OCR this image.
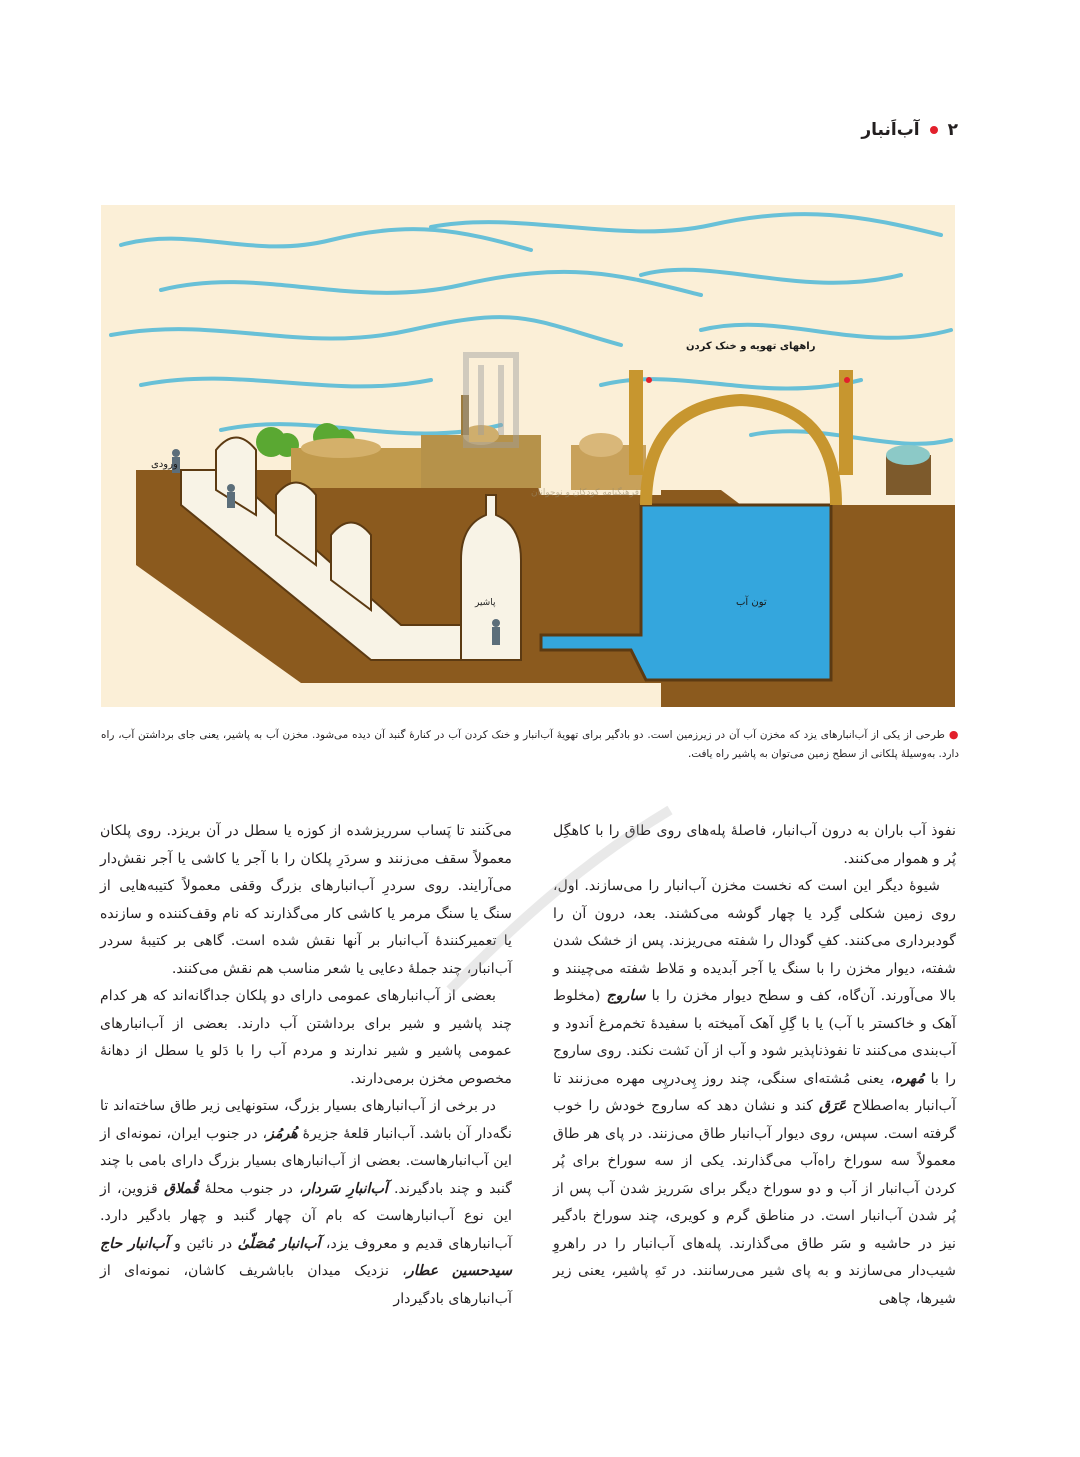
۲
آب‌اَنبار
ورودی
پاشیر	تون آب
راههای تهویه و خنک کردن
فرهنگنامه کودکان و نوجوانان
●طرحی از یکی از آب‌انبارهای یزد که مخزن آب آن در زیرزمین است. دو بادگیر برای تهویهٔ آب‌انبار و خنک کردن آب در کنارهٔ گنبد آن دیده می‌شود. مخزن آب به پاشیر، یعنی جای برداشتن آب، راه دارد. به‌وسیلهٔ پلکانی از سطح زمین می‌توان به پاشیر راه یافت.

نفوذ آب باران به درون آب‌انبار، فاصلهٔ پله‌های روی طاق را با کاهگِل پُر و هموار می‌کنند.

شیوهٔ دیگر این است که نخست مخزن آب‌انبار را می‌سازند. اول، روی زمین شکلی گِرد یا چهار گوشه می‌کشند. بعد، درون آن را گودبرداری می‌کنند. کفِ گودال را شفته می‌ریزند. پس از خشک شدن شفته، دیوار مخزن را با سنگ یا آجر آبدیده و مَلاط شفته می‌چینند و بالا می‌آورند. آن‌گاه، کف و سطح دیوار مخزن را با ساروج (مخلوط آهک و خاکستر با آب) یا با گِلِ آهک آمیخته با سفیدهٔ تخم‌مرغ اَندود و آب‌بندی می‌کنند تا نفوذناپذیر شود و آب از آن نَشت نکند. روی ساروج را با مُهره، یعنی مُشته‌ای سنگی، چند روز پِی‌درپِی مهره می‌زنند تا آب‌انبار به‌اصطلاح عَرَق کند و نشان دهد که ساروج خودش را خوب گرفته است. سپس، روی دیوار آب‌انبار طاق می‌زنند. در پای هر طاق معمولاً سه سوراخ راه‌آب می‌گذارند. یکی از سه سوراخ برای پُر کردن آب‌انبار از آب و دو سوراخ دیگر برای سَرریز شدن آب پس از پُر شدن آب‌انبار است. در مناطق گرم و کویری، چند سوراخ بادگیر نیز در حاشیه و سَر طاق می‌گذارند. پله‌های آب‌انبار را در راهروِ شیب‌دار می‌سازند و به پای شیر می‌رسانند. در تَهِ پاشیر، یعنی زیر شیرها، چاهی

می‌کَنند تا پَساب سرریزشده از کوزه یا سطل در آن بریزد. روی پلکان معمولاً سقف می‌زنند و سردَرِ پلکان را با آجر یا کاشی یا آجر نقش‌دار می‌آرایند. روی سردرِ آب‌انبارهای بزرگ وقفی معمولاً کتیبه‌هایی از سنگ یا سنگ مرمر یا کاشی کار می‌گذارند که نام وقف‌کننده و سازنده یا تعمیرکنندهٔ آب‌انبار بر آنها نقش شده است. گاهی بر کتیبهٔ سردر آب‌انبار، چند جملهٔ دعایی یا شعر مناسب هم نقش می‌کنند.

بعضی از آب‌انبارهای عمومی دارای دو پلکان جداگانه‌اند که هر کدام چند پاشیر و شیر برای برداشتن آب دارند. بعضی از آب‌انبارهای عمومی پاشیر و شیر ندارند و مردم آب را با دَلو یا سطل از دهانهٔ مخصوص مخزن برمی‌دارند.

در برخی از آب‌انبارهای بسیار بزرگ، ستونهایی زیر طاق ساخته‌اند تا نگه‌دار آن باشد. آب‌انبار قلعهٔ جزیرهٔ هُرمُز، در جنوب ایران، نمونه‌ای از این آب‌انبارهاست. بعضی از آب‌انبارهای بسیار بزرگ دارای بامی با چند گنبد و چند بادگیرند. آب‌انبارِ سَردار، در جنوب محلهٔ قُملاق قزوین، از این نوع آب‌انبارهاست که بام آن چهار گنبد و چهار بادگیر دارد. آب‌انبارهای قدیم و معروف یزد، آب‌انبار مُصَلّیٰ در نائین و آب‌انبار حاج سیدحسین عطار، نزدیک میدان باباشریف کاشان، نمونه‌ای از آب‌انبارهای بادگیر‌دار
